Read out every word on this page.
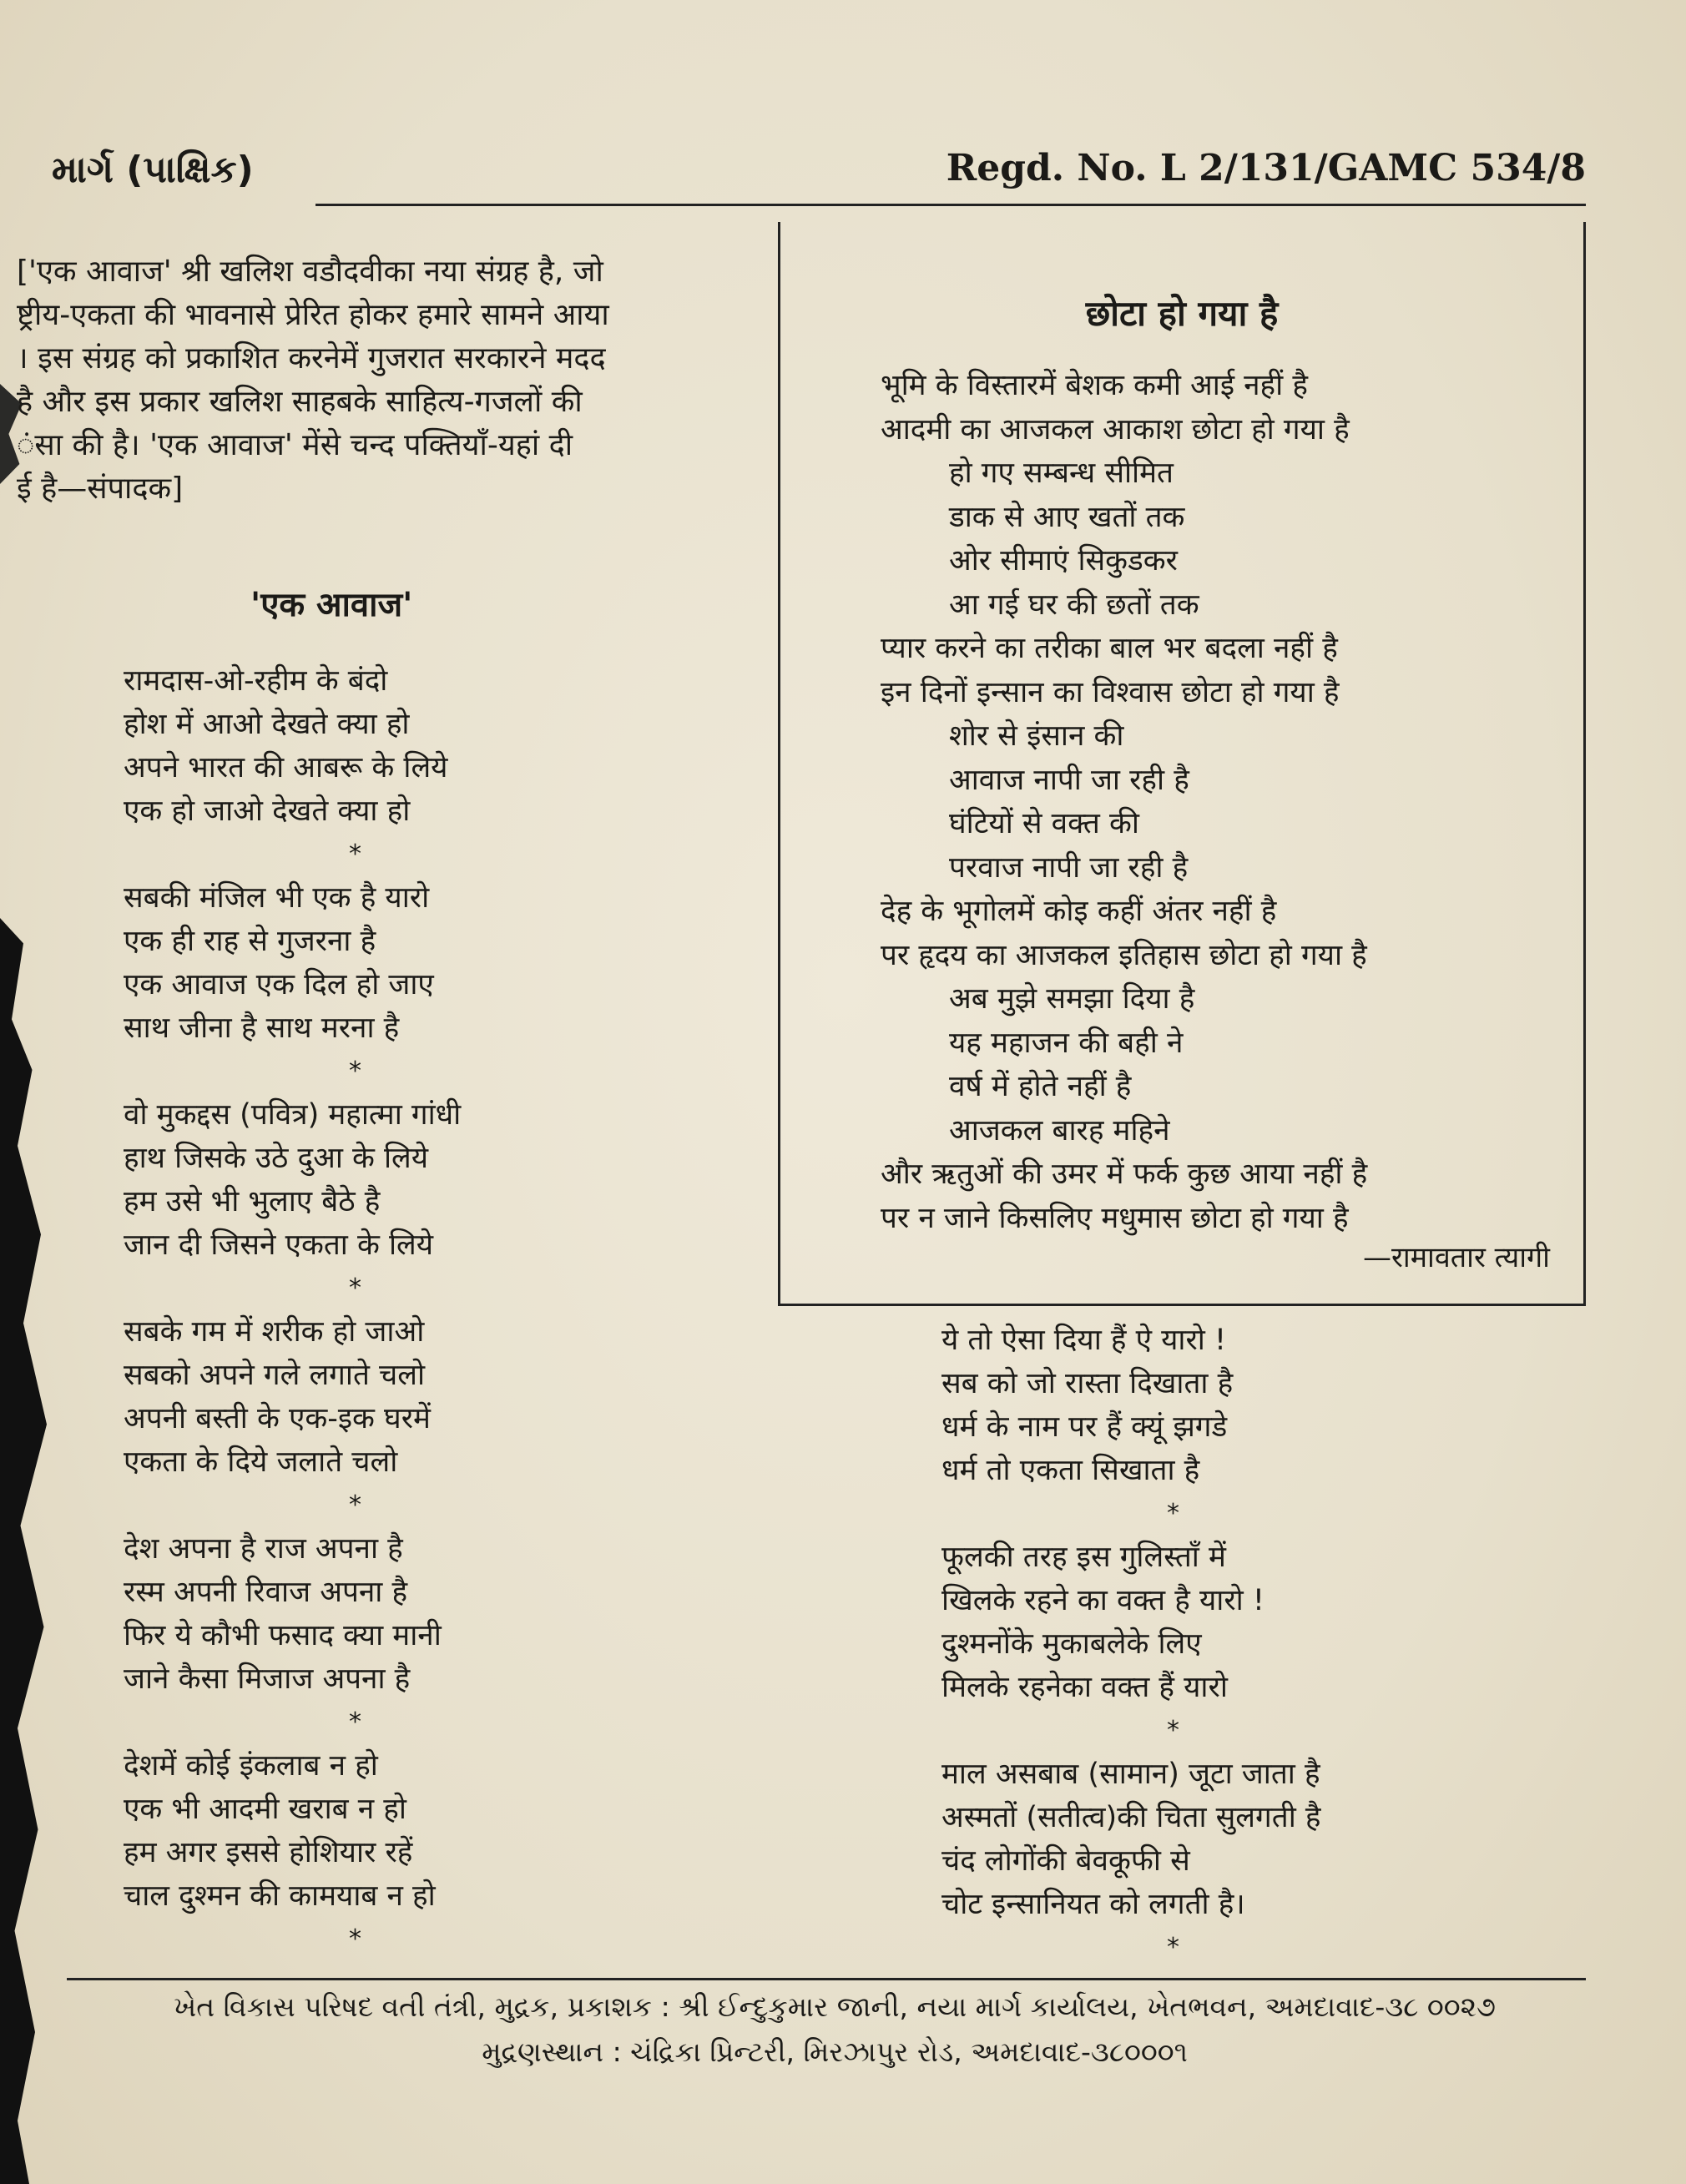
માર્ગ (પાક્ષિક)	Regd. No. L 2/131/GAMC 534/8
['एक आवाज' श्री खलिश वडौदवीका नया संग्रह है, जो
ष्ट्रीय-एकता की भावनासे प्रेरित होकर हमारे सामने आया
। इस संग्रह को प्रकाशित करनेमें गुजरात सरकारने मदद
है और इस प्रकार खलिश साहबके साहित्य-गजलों की
ंसा की है। 'एक आवाज' मेंसे चन्द पक्तियाँ-यहां दी
ई है—संपादक]
छोटा हो गया है
भूमि के विस्तारमें बेशक कमी आई नहीं है
आदमी का आजकल आकाश छोटा हो गया है
हो गए सम्बन्ध सीमित
डाक से आए खतों तक
ओर सीमाएं सिकुडकर
आ गई घर की छतों तक
प्यार करने का तरीका बाल भर बदला नहीं है
इन दिनों इन्सान का विश्वास छोटा हो गया है
शोर से इंसान की
आवाज नापी जा रही है
घंटियों से वक्त की
परवाज नापी जा रही है
देह के भूगोलमें कोइ कहीं अंतर नहीं है
पर हृदय का आजकल इतिहास छोटा हो गया है
अब मुझे समझा दिया है
यह महाजन की बही ने
वर्ष में होते नहीं है
आजकल बारह महिने
और ऋतुओं की उमर में फर्क कुछ आया नहीं है
पर न जाने किसलिए मधुमास छोटा हो गया है
—रामावतार त्यागी
'एक आवाज'
रामदास-ओ-रहीम के बंदो
होश में आओ देखते क्या हो
अपने भारत की आबरू के लिये
एक हो जाओ देखते क्या हो
*
सबकी मंजिल भी एक है यारो
एक ही राह से गुजरना है
एक आवाज एक दिल हो जाए
साथ जीना है साथ मरना है
*
वो मुकद्दस (पवित्र) महात्मा गांधी
हाथ जिसके उठे दुआ के लिये
हम उसे भी भुलाए बैठे है
जान दी जिसने एकता के लिये
*
सबके गम में शरीक हो जाओ
सबको अपने गले लगाते चलो
अपनी बस्ती के एक-इक घरमें
एकता के दिये जलाते चलो
*
देश अपना है राज अपना है
रस्म अपनी रिवाज अपना है
फिर ये कौभी फसाद क्या मानी
जाने कैसा मिजाज अपना है
*
देशमें कोई इंकलाब न हो
एक भी आदमी खराब न हो
हम अगर इससे होशियार रहें
चाल दुश्मन की कामयाब न हो
*
ये तो ऐसा दिया हैं ऐ यारो !
सब को जो रास्ता दिखाता है
धर्म के नाम पर हैं क्यूं झगडे
धर्म तो एकता सिखाता है
*
फूलकी तरह इस गुलिस्ताँ में
खिलके रहने का वक्त है यारो !
दुश्मनोंके मुकाबलेके लिए
मिलके रहनेका वक्त हैं यारो
*
माल असबाब (सामान) जूटा जाता है
अस्मतों (सतीत्व)की चिता सुलगती है
चंद लोगोंकी बेवकूफी से
चोट इन्सानियत को लगती है।
*
ખેત વિકાસ પરિષદ વતી તંત્રી, મુદ્રક, પ્રકાશક : શ્રી ઈન્દુકુમાર જાની, નયા માર્ગ કાર્યાલય, ખેતભવન, અમદાવાદ-૩૮ ૦૦૨૭
મુદ્રણસ્થાન : ચંદ્રિકા પ્રિન્ટરી, મિરઝાપુર રોડ, અમદાવાદ-૩૮૦૦૦૧
